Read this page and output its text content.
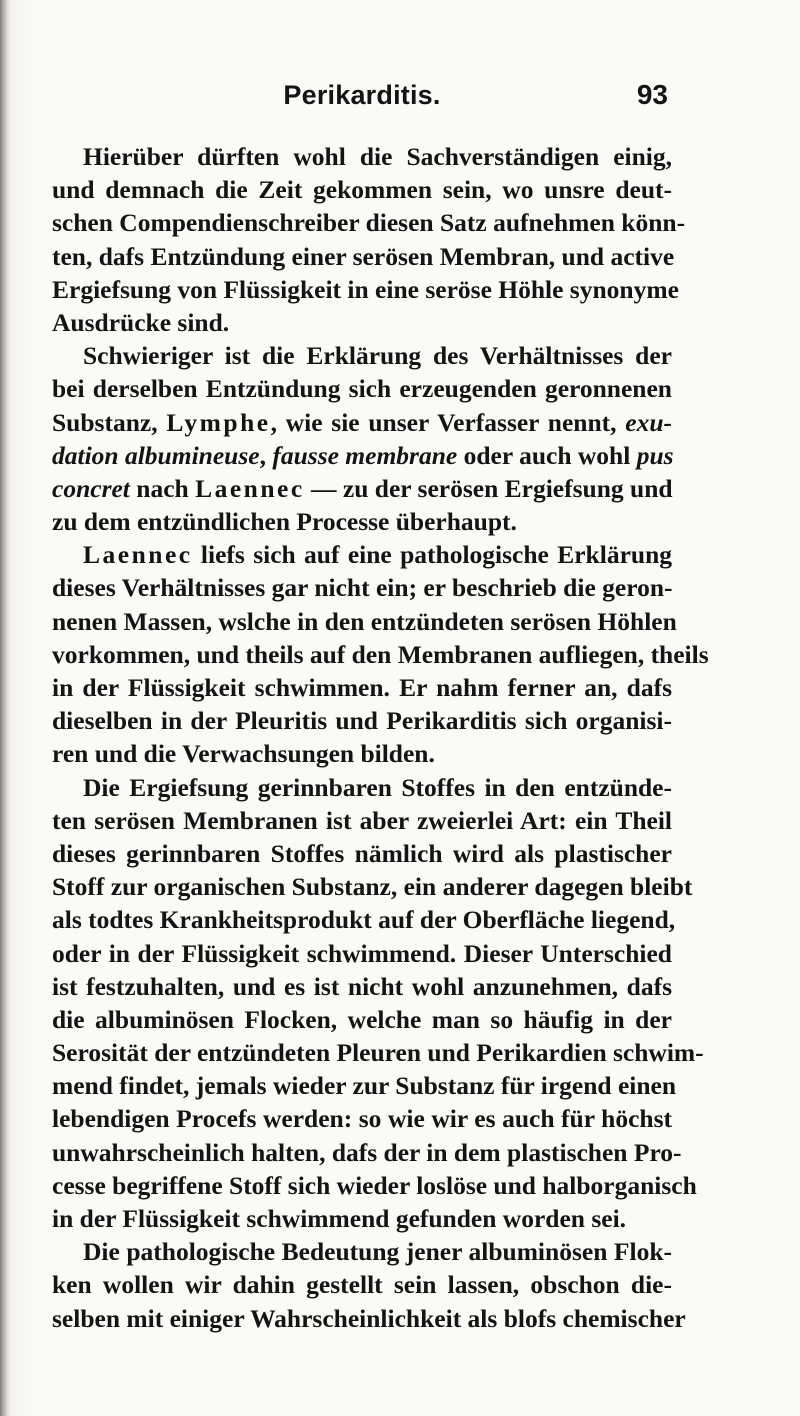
Perikarditis.	93
Hierüber dürften wohl die Sachverständigen einig,
und demnach die Zeit gekommen sein, wo unsre deut-
schen Compendienschreiber diesen Satz aufnehmen könn-
ten, dafs Entzündung einer serösen Membran, und active
Ergiefsung von Flüssigkeit in eine seröse Höhle synonyme
Ausdrücke sind.
Schwieriger ist die Erklärung des Verhältnisses der
bei derselben Entzündung sich erzeugenden geronnenen
Substanz, Lymphe, wie sie unser Verfasser nennt, exu-
dation albumineuse, fausse membrane oder auch wohl pus
concret nach Laennec — zu der serösen Ergiefsung und
zu dem entzündlichen Processe überhaupt.
Laennec liefs sich auf eine pathologische Erklärung
dieses Verhältnisses gar nicht ein; er beschrieb die geron-
nenen Massen, wslche in den entzündeten serösen Höhlen
vorkommen, und theils auf den Membranen aufliegen, theils
in der Flüssigkeit schwimmen. Er nahm ferner an, dafs
dieselben in der Pleuritis und Perikarditis sich organisi-
ren und die Verwachsungen bilden.
Die Ergiefsung gerinnbaren Stoffes in den entzünde-
ten serösen Membranen ist aber zweierlei Art: ein Theil
dieses gerinnbaren Stoffes nämlich wird als plastischer
Stoff zur organischen Substanz, ein anderer dagegen bleibt
als todtes Krankheitsprodukt auf der Oberfläche liegend,
oder in der Flüssigkeit schwimmend. Dieser Unterschied
ist festzuhalten, und es ist nicht wohl anzunehmen, dafs
die albuminösen Flocken, welche man so häufig in der
Serosität der entzündeten Pleuren und Perikardien schwim-
mend findet, jemals wieder zur Substanz für irgend einen
lebendigen Procefs werden: so wie wir es auch für höchst
unwahrscheinlich halten, dafs der in dem plastischen Pro-
cesse begriffene Stoff sich wieder loslöse und halborganisch
in der Flüssigkeit schwimmend gefunden worden sei.
Die pathologische Bedeutung jener albuminösen Flok-
ken wollen wir dahin gestellt sein lassen, obschon die-
selben mit einiger Wahrscheinlichkeit als blofs chemischer
